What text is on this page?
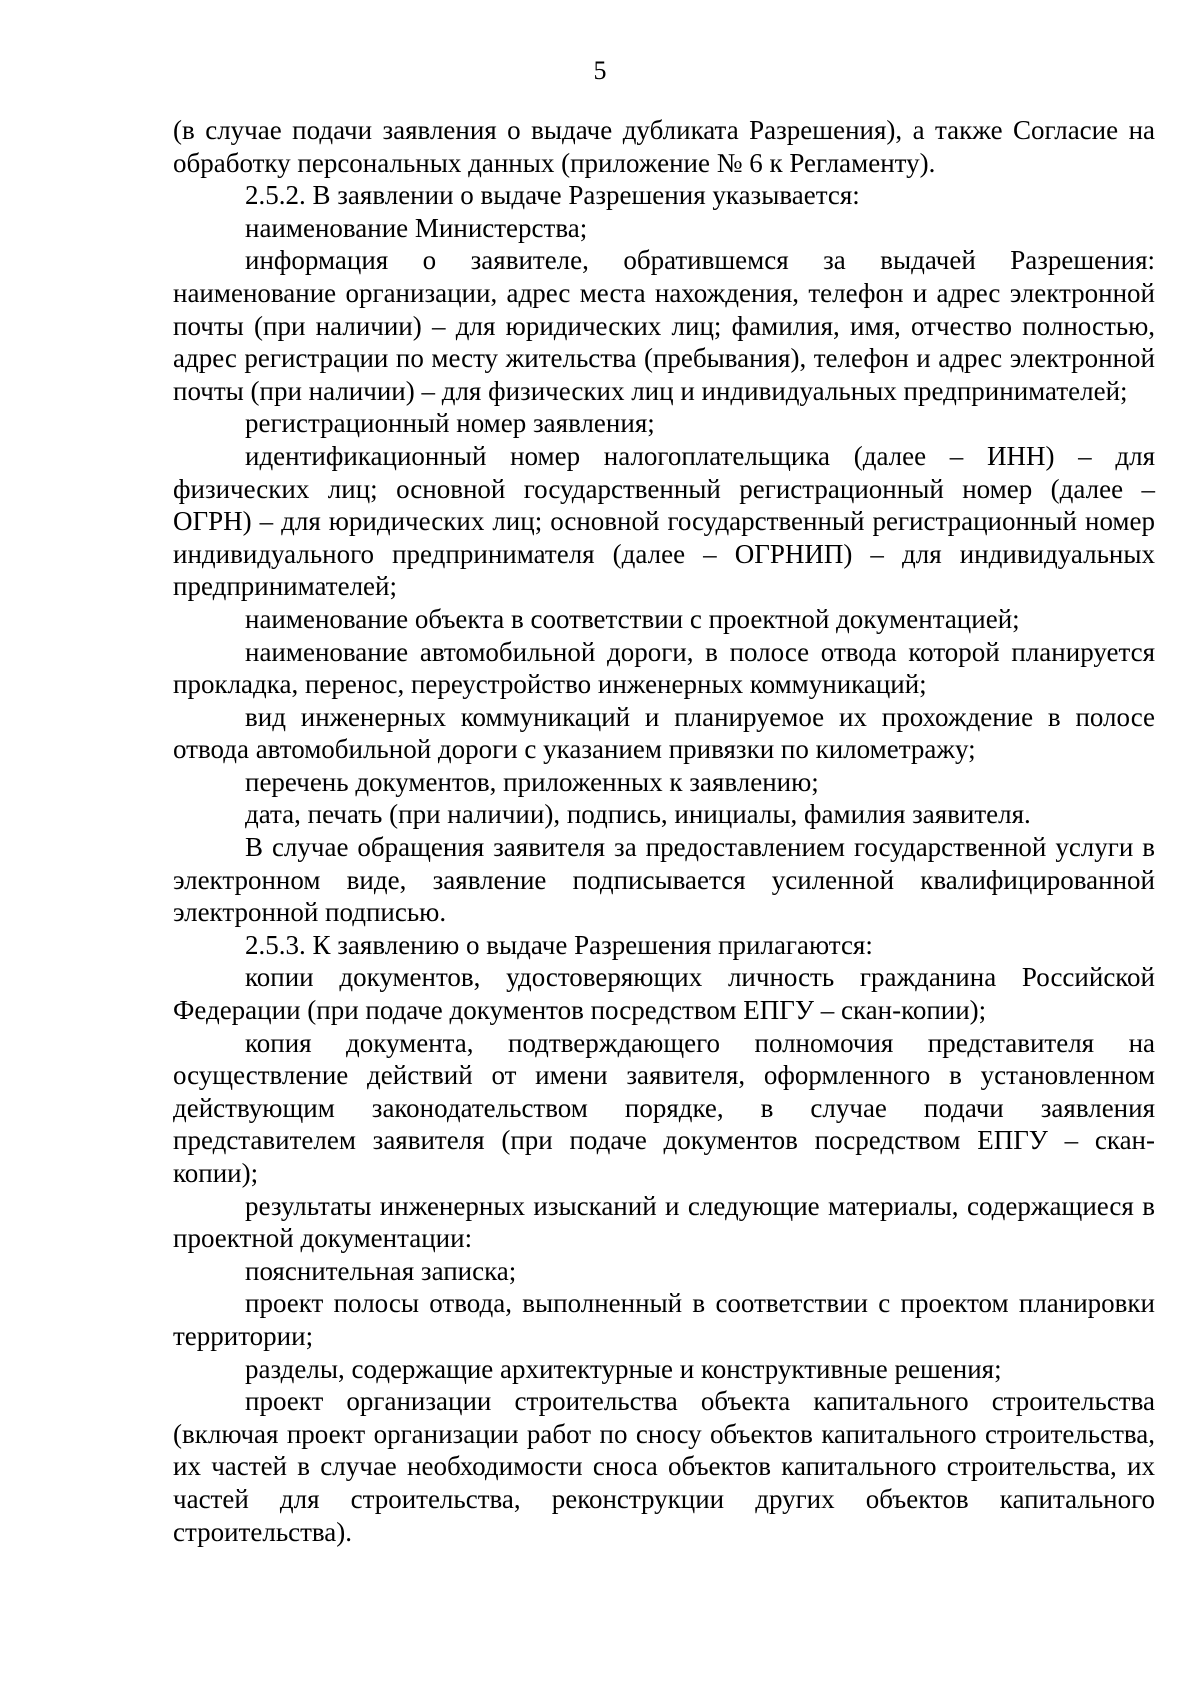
5

(в случае подачи заявления о выдаче дубликата Разрешения), а также Согласие на обработку персональных данных (приложение № 6 к Регламенту).

2.5.2. В заявлении о выдаче Разрешения указывается:

наименование Министерства;

информация о заявителе, обратившемся за выдачей Разрешения: наименование организации, адрес места нахождения, телефон и адрес электронной почты (при наличии) – для юридических лиц; фамилия, имя, отчество полностью, адрес регистрации по месту жительства (пребывания), телефон и адрес электронной почты (при наличии) – для физических лиц и индивидуальных предпринимателей;

регистрационный номер заявления;

идентификационный номер налогоплательщика (далее – ИНН) – для физических лиц; основной государственный регистрационный номер (далее – ОГРН) – для юридических лиц; основной государственный регистрационный номер индивидуального предпринимателя (далее – ОГРНИП) – для индивидуальных предпринимателей;

наименование объекта в соответствии с проектной документацией;

наименование автомобильной дороги, в полосе отвода которой планируется прокладка, перенос, переустройство инженерных коммуникаций;

вид инженерных коммуникаций и планируемое их прохождение в полосе отвода автомобильной дороги с указанием привязки по километражу;

перечень документов, приложенных к заявлению;

дата, печать (при наличии), подпись, инициалы, фамилия заявителя.

В случае обращения заявителя за предоставлением государственной услуги в электронном виде, заявление подписывается усиленной квалифицированной электронной подписью.

2.5.3. К заявлению о выдаче Разрешения прилагаются:

копии документов, удостоверяющих личность гражданина Российской Федерации (при подаче документов посредством ЕПГУ – скан-копии);

копия документа, подтверждающего полномочия представителя на осуществление действий от имени заявителя, оформленного в установленном действующим законодательством порядке, в случае подачи заявления представителем заявителя (при подаче документов посредством ЕПГУ – скан-копии);

результаты инженерных изысканий и следующие материалы, содержащиеся в проектной документации:

пояснительная записка;

проект полосы отвода, выполненный в соответствии с проектом планировки территории;

разделы, содержащие архитектурные и конструктивные решения;

проект организации строительства объекта капитального строительства (включая проект организации работ по сносу объектов капитального строительства, их частей в случае необходимости сноса объектов капитального строительства, их частей для строительства, реконструкции других объектов капитального строительства).
